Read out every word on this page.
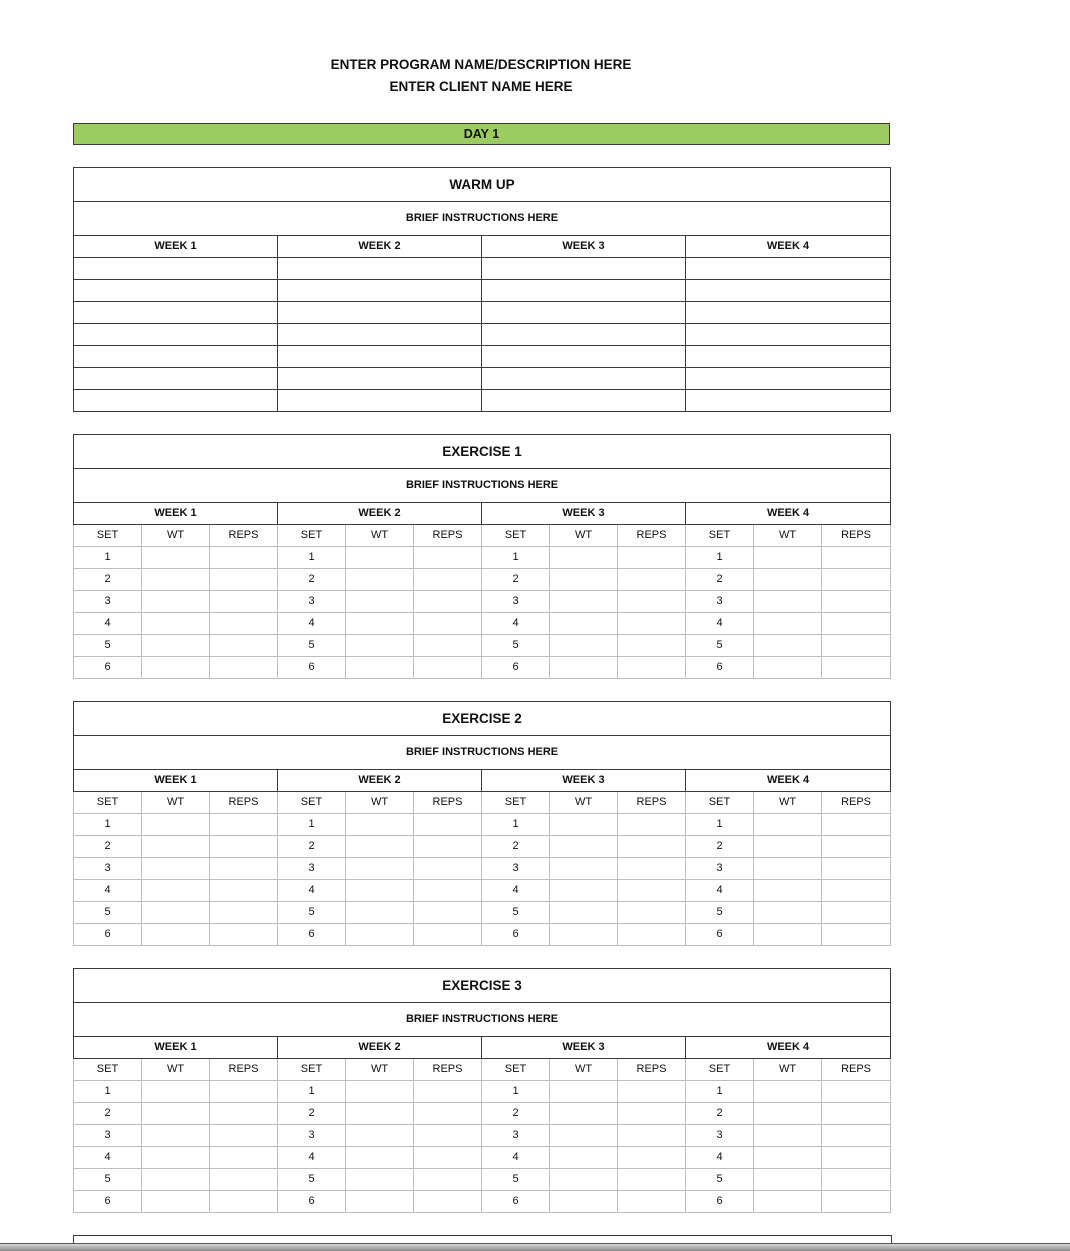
ENTER PROGRAM NAME/DESCRIPTION HERE
ENTER CLIENT NAME HERE
DAY 1
WARM UP			
BRIEF INSTRUCTIONS HERE			
WEEK 1	WEEK 2	WEEK 3	WEEK 4

EXERCISE 1											
BRIEF INSTRUCTIONS HERE											
WEEK 1			WEEK 2			WEEK 3			WEEK 4		
SET	WT	REPS	SET	WT	REPS	SET	WT	REPS	SET	WT	REPS
1			1			1			1		
2			2			2			2		
3			3			3			3		
4			4			4			4		
5			5			5			5		
6			6			6			6		
EXERCISE 2											
BRIEF INSTRUCTIONS HERE											
WEEK 1			WEEK 2			WEEK 3			WEEK 4		
SET	WT	REPS	SET	WT	REPS	SET	WT	REPS	SET	WT	REPS
1			1			1			1		
2			2			2			2		
3			3			3			3		
4			4			4			4		
5			5			5			5		
6			6			6			6		
EXERCISE 3											
BRIEF INSTRUCTIONS HERE											
WEEK 1			WEEK 2			WEEK 3			WEEK 4		
SET	WT	REPS	SET	WT	REPS	SET	WT	REPS	SET	WT	REPS
1			1			1			1		
2			2			2			2		
3			3			3			3		
4			4			4			4		
5			5			5			5		
6			6			6			6		
